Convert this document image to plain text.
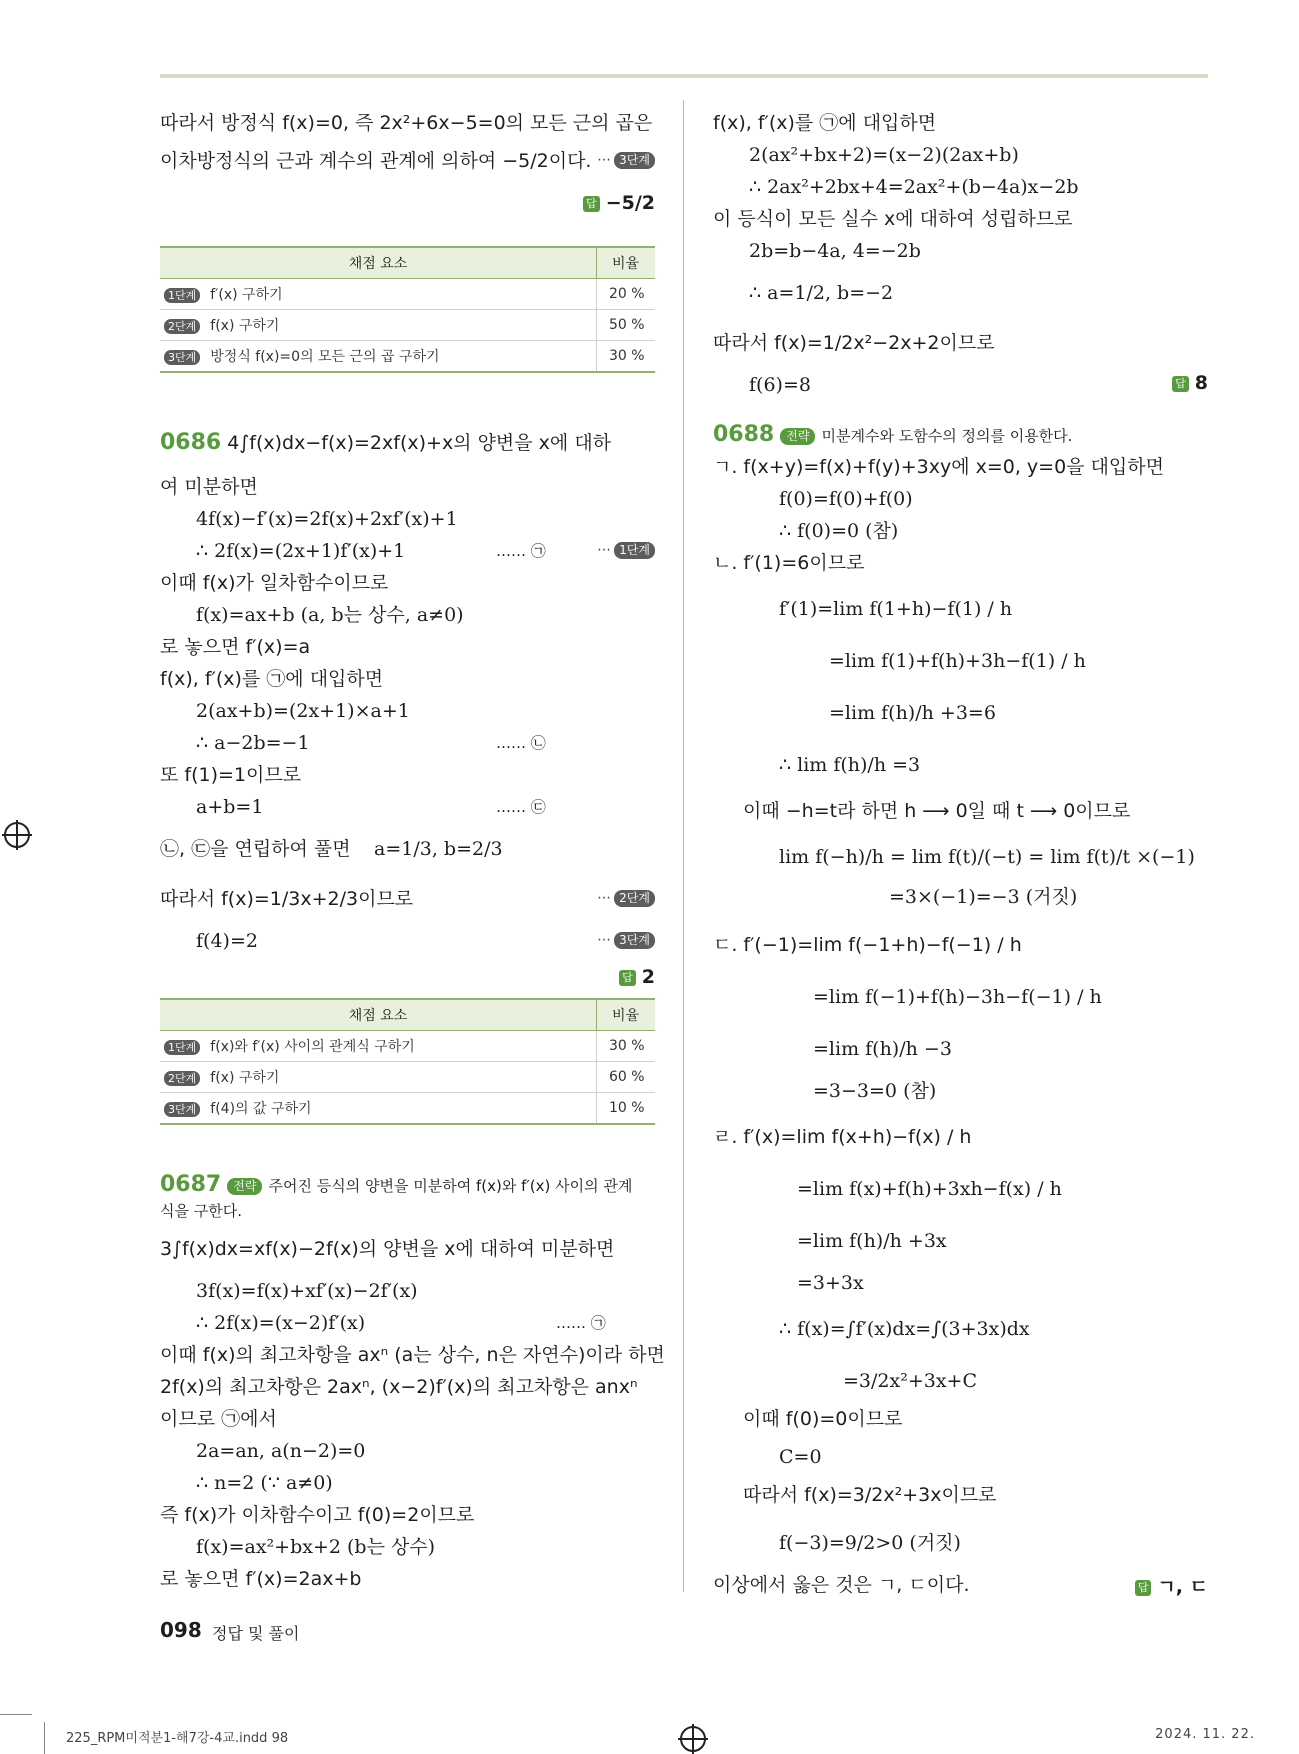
따라서 방정식 f(x)=0, 즉 2x²+6x−5=0의 모든 근의 곱은
이차방정식의 근과 계수의 관계에 의하여 −5/2이다. ⋯ 3단계
답 −5/2
채점 요소	비율
1단계 f′(x) 구하기	20 %
2단계 f(x) 구하기	50 %
3단계 방정식 f(x)=0의 모든 근의 곱 구하기	30 %
0686 4∫f(x)dx−f(x)=2xf(x)+x의 양변을 x에 대하
여 미분하면
4f(x)−f′(x)=2f(x)+2xf′(x)+1
∴ 2f(x)=(2x+1)f′(x)+1	…… ㉠	⋯ 1단계
이때 f(x)가 일차함수이므로
f(x)=ax+b (a, b는 상수, a≠0)
로 놓으면 f′(x)=a
f(x), f′(x)를 ㉠에 대입하면
2(ax+b)=(2x+1)×a+1
∴ a−2b=−1	…… ㉡
또 f(1)=1이므로
a+b=1	…… ㉢
㉡, ㉢을 연립하여 풀면 a=1/3, b=2/3
따라서 f(x)=1/3x+2/3이므로	⋯ 2단계
f(4)=2	⋯ 3단계
답 2
채점 요소	비율
1단계 f(x)와 f′(x) 사이의 관계식 구하기	30 %
2단계 f(x) 구하기	60 %
3단계 f(4)의 값 구하기	10 %
0687 전략 주어진 등식의 양변을 미분하여 f(x)와 f′(x) 사이의 관계
식을 구한다.
3∫f(x)dx=xf(x)−2f(x)의 양변을 x에 대하여 미분하면
3f(x)=f(x)+xf′(x)−2f′(x)
∴ 2f(x)=(x−2)f′(x)	…… ㉠
이때 f(x)의 최고차항을 axⁿ (a는 상수, n은 자연수)이라 하면
2f(x)의 최고차항은 2axⁿ, (x−2)f′(x)의 최고차항은 anxⁿ
이므로 ㉠에서
2a=an, a(n−2)=0
∴ n=2 (∵ a≠0)
즉 f(x)가 이차함수이고 f(0)=2이므로
f(x)=ax²+bx+2 (b는 상수)
로 놓으면 f′(x)=2ax+b
f(x), f′(x)를 ㉠에 대입하면
2(ax²+bx+2)=(x−2)(2ax+b)
∴ 2ax²+2bx+4=2ax²+(b−4a)x−2b
이 등식이 모든 실수 x에 대하여 성립하므로
2b=b−4a, 4=−2b
∴ a=1/2, b=−2
따라서 f(x)=1/2x²−2x+2이므로
f(6)=8	답 8
0688 전략 미분계수와 도함수의 정의를 이용한다.
ㄱ. f(x+y)=f(x)+f(y)+3xy에 x=0, y=0을 대입하면
f(0)=f(0)+f(0)
∴ f(0)=0 (참)
ㄴ. f′(1)=6이므로
f′(1)=lim f(1+h)−f(1) / h
=lim f(1)+f(h)+3h−f(1) / h
=lim f(h)/h +3=6
∴ lim f(h)/h =3
이때 −h=t라 하면 h ⟶ 0일 때 t ⟶ 0이므로
lim f(−h)/h = lim f(t)/(−t) = lim f(t)/t ×(−1)
=3×(−1)=−3 (거짓)
ㄷ. f′(−1)=lim f(−1+h)−f(−1) / h
=lim f(−1)+f(h)−3h−f(−1) / h
=lim f(h)/h −3
=3−3=0 (참)
ㄹ. f′(x)=lim f(x+h)−f(x) / h
=lim f(x)+f(h)+3xh−f(x) / h
=lim f(h)/h +3x
=3+3x
∴ f(x)=∫f′(x)dx=∫(3+3x)dx
=3/2x²+3x+C
이때 f(0)=0이므로
C=0
따라서 f(x)=3/2x²+3x이므로
f(−3)=9/2>0 (거짓)
이상에서 옳은 것은 ㄱ, ㄷ이다.	답 ㄱ, ㄷ
098 정답 및 풀이
225_RPM미적분1-해7강-4교.indd 98	2024. 11. 22.
